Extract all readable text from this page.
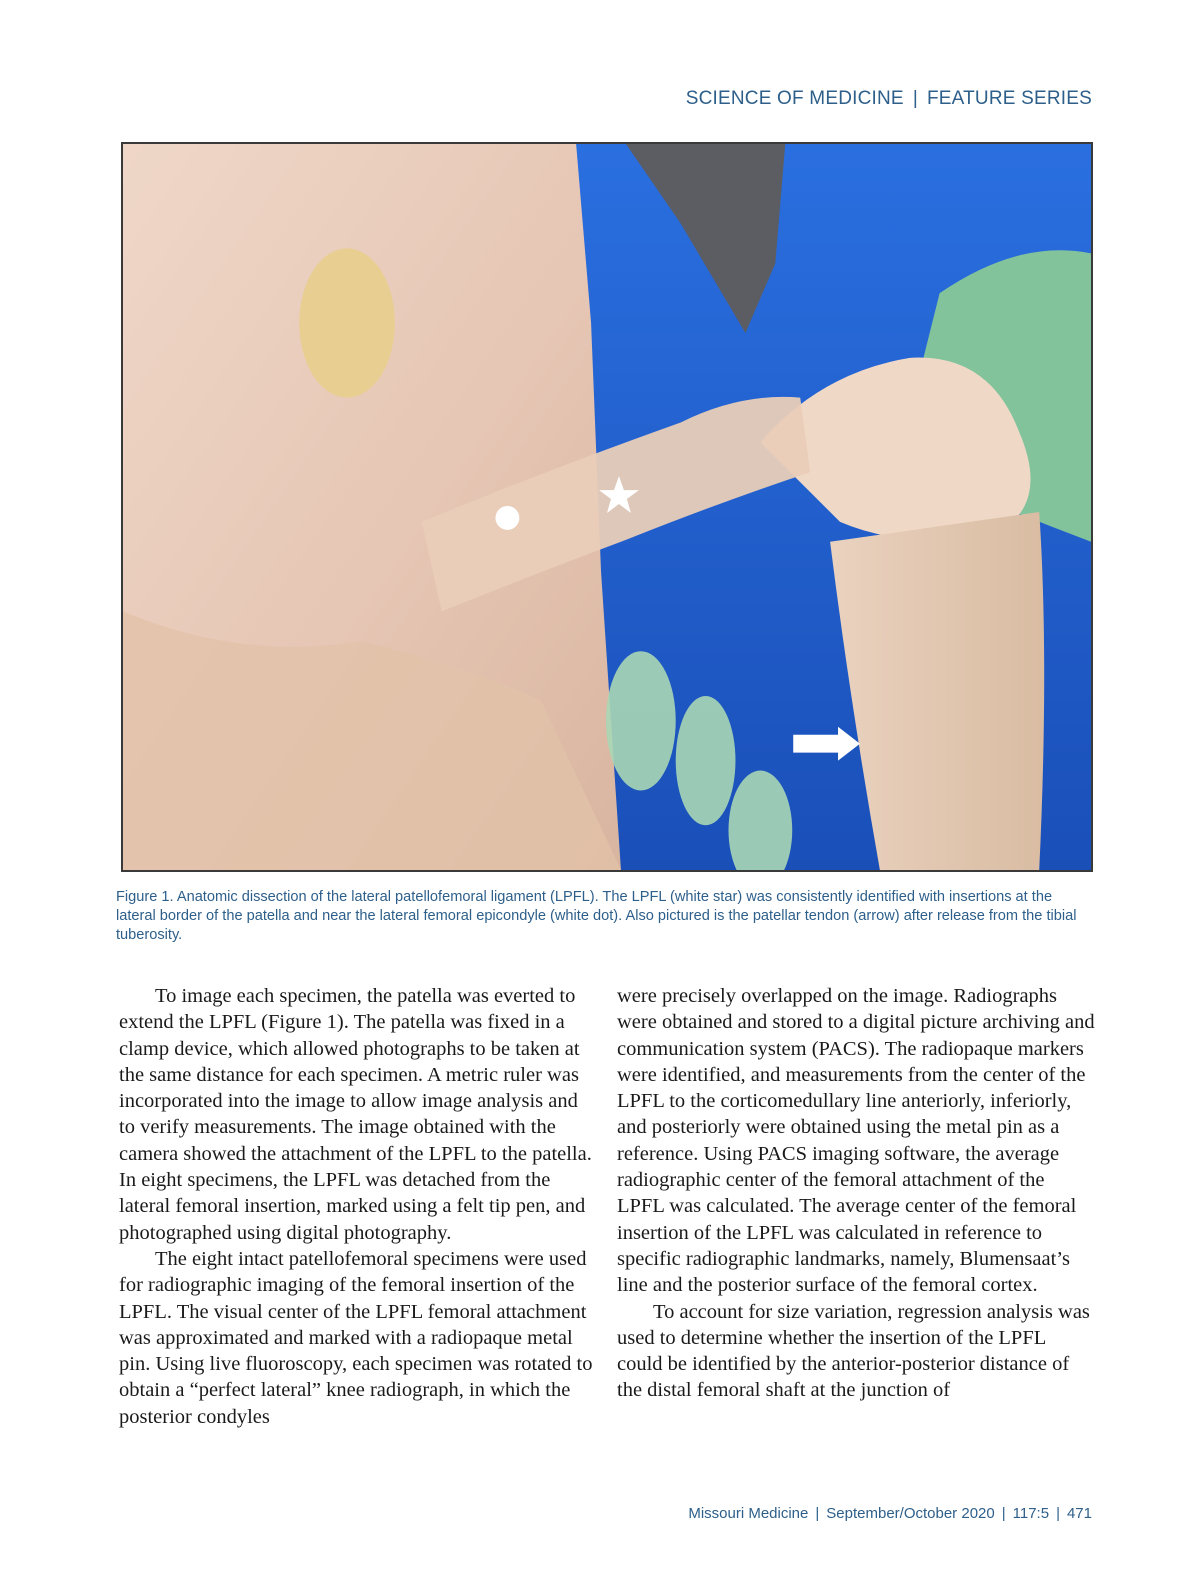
SCIENCE OF MEDICINE | FEATURE SERIES

Figure 1. Anatomic dissection of the lateral patellofemoral ligament (LPFL). The LPFL (white star) was consistently identified with insertions at the lateral border of the patella and near the lateral femoral epicondyle (white dot). Also pictured is the patellar tendon (arrow) after release from the tibial tuberosity.

To image each specimen, the patella was everted to extend the LPFL (Figure 1). The patella was fixed in a clamp device, which allowed photographs to be taken at the same distance for each specimen. A metric ruler was incorporated into the image to allow image analysis and to verify measurements. The image obtained with the camera showed the attachment of the LPFL to the patella. In eight specimens, the LPFL was detached from the lateral femoral insertion, marked using a felt tip pen, and photographed using digital photography.

The eight intact patellofemoral specimens were used for radiographic imaging of the femoral insertion of the LPFL. The visual center of the LPFL femoral attachment was approximated and marked with a radiopaque metal pin. Using live fluoroscopy, each specimen was rotated to obtain a “perfect lateral” knee radiograph, in which the posterior condyles

were precisely overlapped on the image. Radiographs were obtained and stored to a digital picture archiving and communication system (PACS). The radiopaque markers were identified, and measurements from the center of the LPFL to the corticomedullary line anteriorly, inferiorly, and posteriorly were obtained using the metal pin as a reference. Using PACS imaging software, the average radiographic center of the femoral attachment of the LPFL was calculated. The average center of the femoral insertion of the LPFL was calculated in reference to specific radiographic landmarks, namely, Blumensaat’s line and the posterior surface of the femoral cortex.

To account for size variation, regression analysis was used to determine whether the insertion of the LPFL could be identified by the anterior-posterior distance of the distal femoral shaft at the junction of

Missouri Medicine | September/October 2020 | 117:5 | 471
